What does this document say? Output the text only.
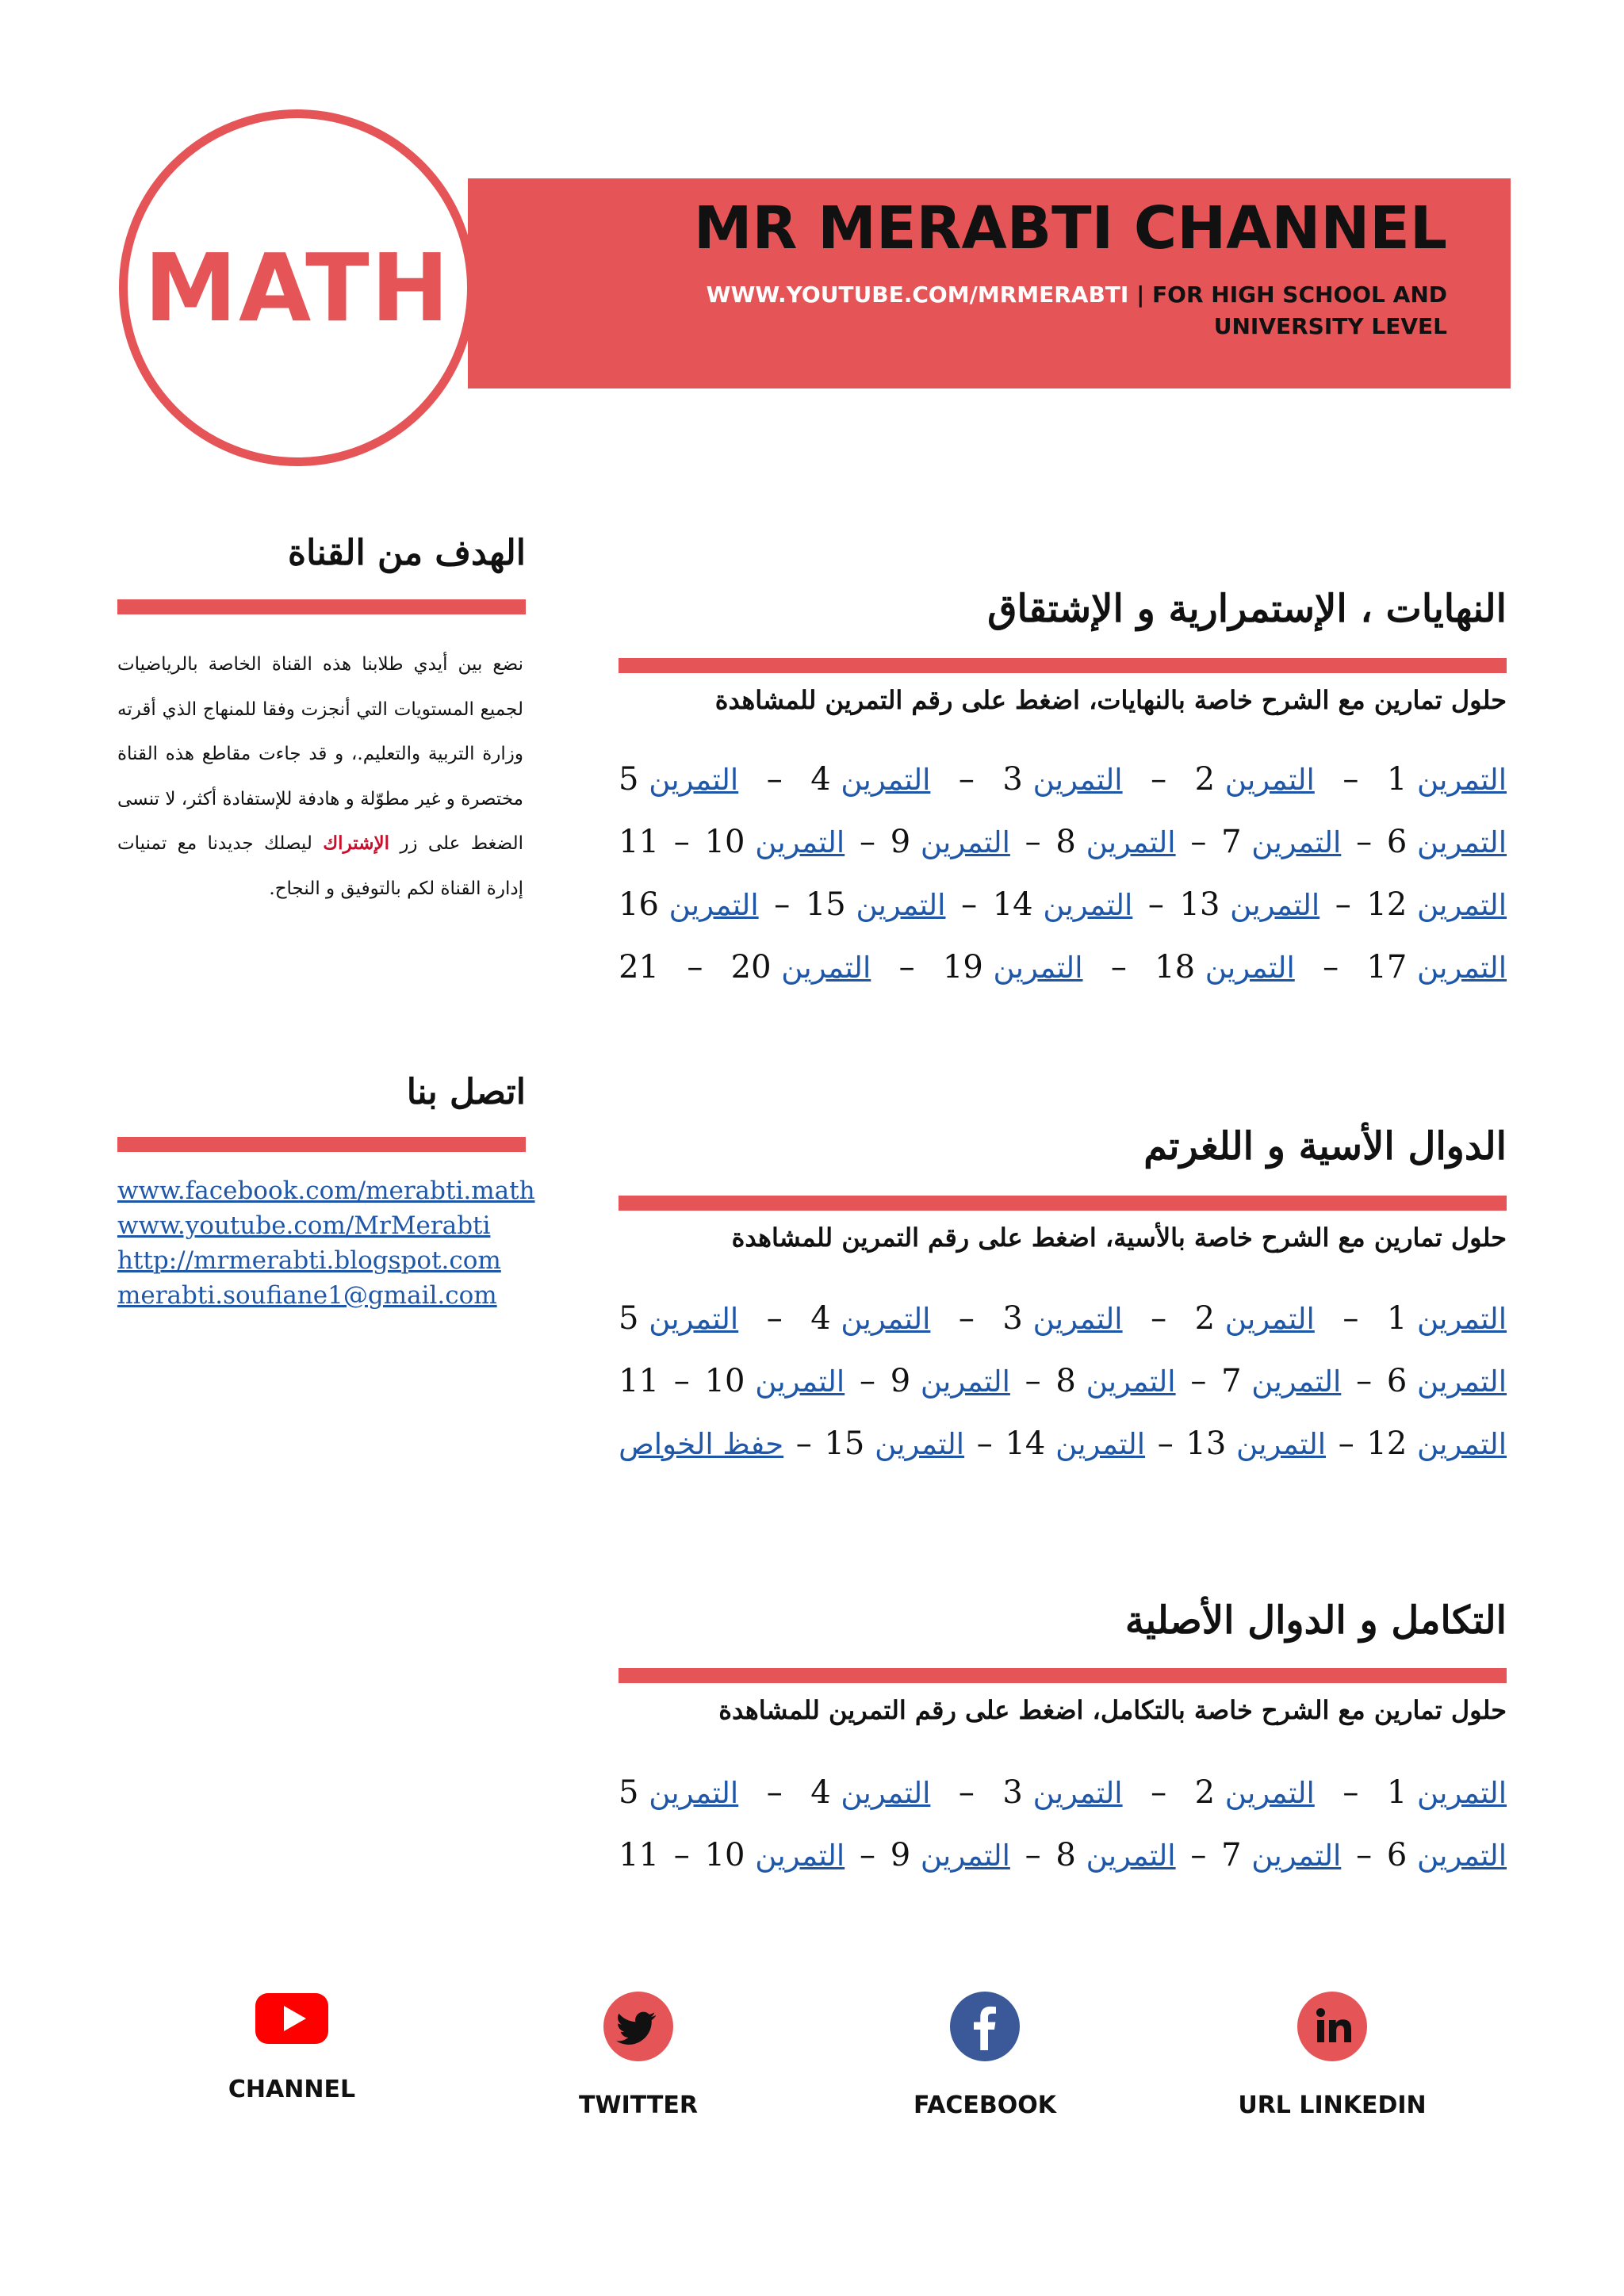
MATH
MR MERABTI CHANNEL
WWW.YOUTUBE.COM/MRMERABTI | FOR HIGH SCHOOL AND UNIVERSITY LEVEL
الهدف من القناة
نضع بين أيدي طلابنا هذه القناة الخاصة بالرياضيات لجميع المستويات التي أنجزت وفقا للمنهاج الذي أقرته وزارة التربية والتعليم.، و قد جاءت مقاطع هذه القناة مختصرة و غير مطوّلة و هادفة للإستفادة أكثر، لا تنسى الضغط على زر الإشتراك ليصلك جديدنا مع تمنيات إدارة القناة لكم بالتوفيق و النجاح.
اتصل بنا
www.facebook.com/merabti.math
www.youtube.com/MrMerabti
http://mrmerabti.blogspot.com
merabti.soufiane1@gmail.com
النهايات ، الإستمرارية و الإشتقاق
حلول تمارين مع الشرح خاصة بالنهايات، اضغط على رقم التمرين للمشاهدة
التمرين 1
–
التمرين 2
–
التمرين 3
–
التمرين 4
–
التمرين 5
التمرين 6
–
التمرين 7
–
التمرين 8
–
التمرين 9
–
التمرين 10
–
11
التمرين 12
–
التمرين 13
–
التمرين 14
–
التمرين 15
–
التمرين 16
التمرين 17
–
التمرين 18
–
التمرين 19
–
التمرين 20
–
21
الدوال الأسية و اللغرتم
حلول تمارين مع الشرح خاصة بالأسية، اضغط على رقم التمرين للمشاهدة
التمرين 1
–
التمرين 2
–
التمرين 3
–
التمرين 4
–
التمرين 5
التمرين 6
–
التمرين 7
–
التمرين 8
–
التمرين 9
–
التمرين 10
–
11
التمرين 12
–
التمرين 13
–
التمرين 14
–
التمرين 15
–
حفظ الخواص
التكامل و الدوال الأصلية
حلول تمارين مع الشرح خاصة بالتكامل، اضغط على رقم التمرين للمشاهدة
التمرين 1
–
التمرين 2
–
التمرين 3
–
التمرين 4
–
التمرين 5
التمرين 6
–
التمرين 7
–
التمرين 8
–
التمرين 9
–
التمرين 10
–
11
CHANNEL
TWITTER	FACEBOOK	URL LINKEDIN
